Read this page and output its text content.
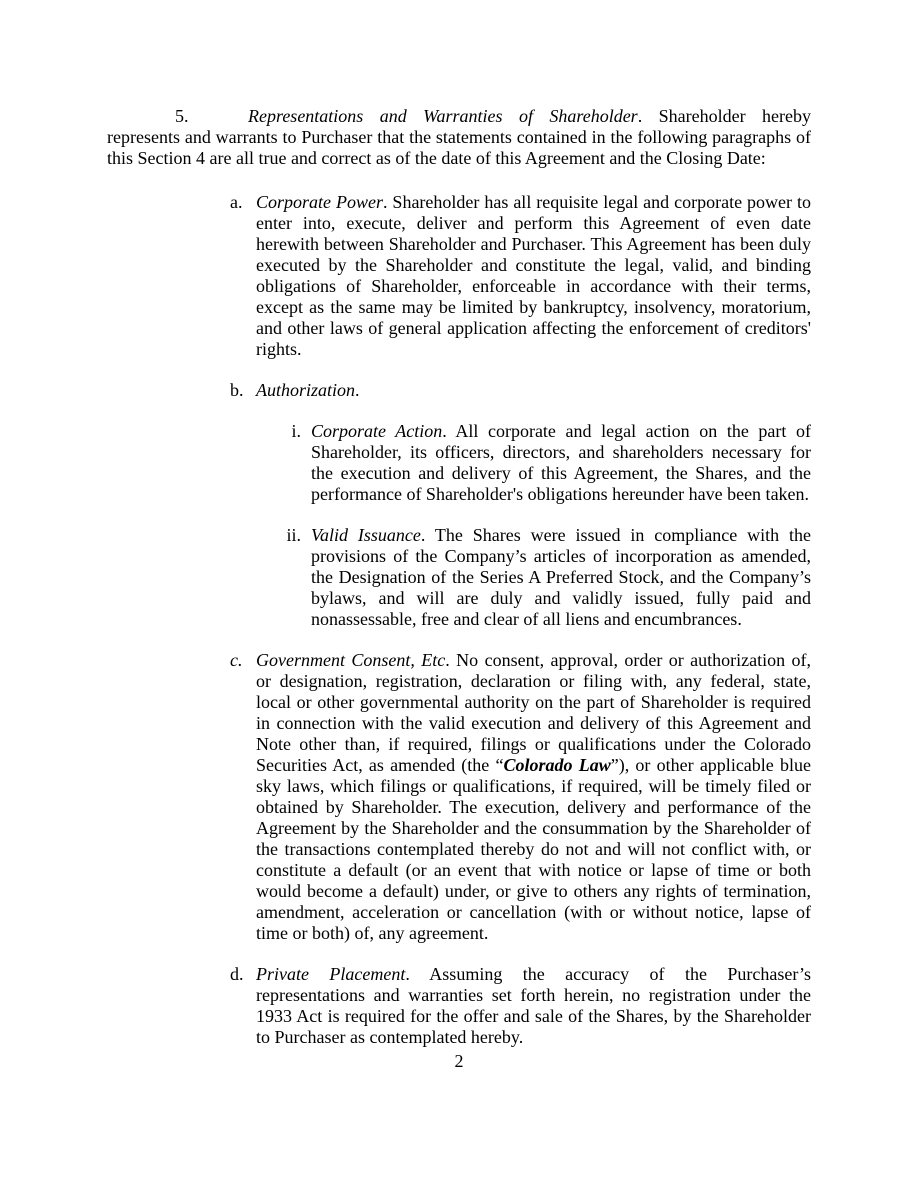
5.	Representations and Warranties of Shareholder. Shareholder hereby represents and warrants to Purchaser that the statements contained in the following paragraphs of this Section 4 are all true and correct as of the date of this Agreement and the Closing Date:

a. Corporate Power. Shareholder has all requisite legal and corporate power to enter into, execute, deliver and perform this Agreement of even date herewith between Shareholder and Purchaser. This Agreement has been duly executed by the Shareholder and constitute the legal, valid, and binding obligations of Shareholder, enforceable in accordance with their terms, except as the same may be limited by bankruptcy, insolvency, moratorium, and other laws of general application affecting the enforcement of creditors' rights.
b. Authorization.
i. Corporate Action. All corporate and legal action on the part of Shareholder, its officers, directors, and shareholders necessary for the execution and delivery of this Agreement, the Shares, and the performance of Shareholder's obligations hereunder have been taken.
ii. Valid Issuance. The Shares were issued in compliance with the provisions of the Company’s articles of incorporation as amended, the Designation of the Series A Preferred Stock, and the Company’s bylaws, and will are duly and validly issued, fully paid and nonassessable, free and clear of all liens and encumbrances.
c. Government Consent, Etc. No consent, approval, order or authorization of, or designation, registration, declaration or filing with, any federal, state, local or other governmental authority on the part of Shareholder is required in connection with the valid execution and delivery of this Agreement and Note other than, if required, filings or qualifications under the Colorado Securities Act, as amended (the “Colorado Law”), or other applicable blue sky laws, which filings or qualifications, if required, will be timely filed or obtained by Shareholder. The execution, delivery and performance of the Agreement by the Shareholder and the consummation by the Shareholder of the transactions contemplated thereby do not and will not conflict with, or constitute a default (or an event that with notice or lapse of time or both would become a default) under, or give to others any rights of termination, amendment, acceleration or cancellation (with or without notice, lapse of time or both) of, any agreement.
d. Private Placement. Assuming the accuracy of the Purchaser’s representations and warranties set forth herein, no registration under the 1933 Act is required for the offer and sale of the Shares, by the Shareholder to Purchaser as contemplated hereby.
2
